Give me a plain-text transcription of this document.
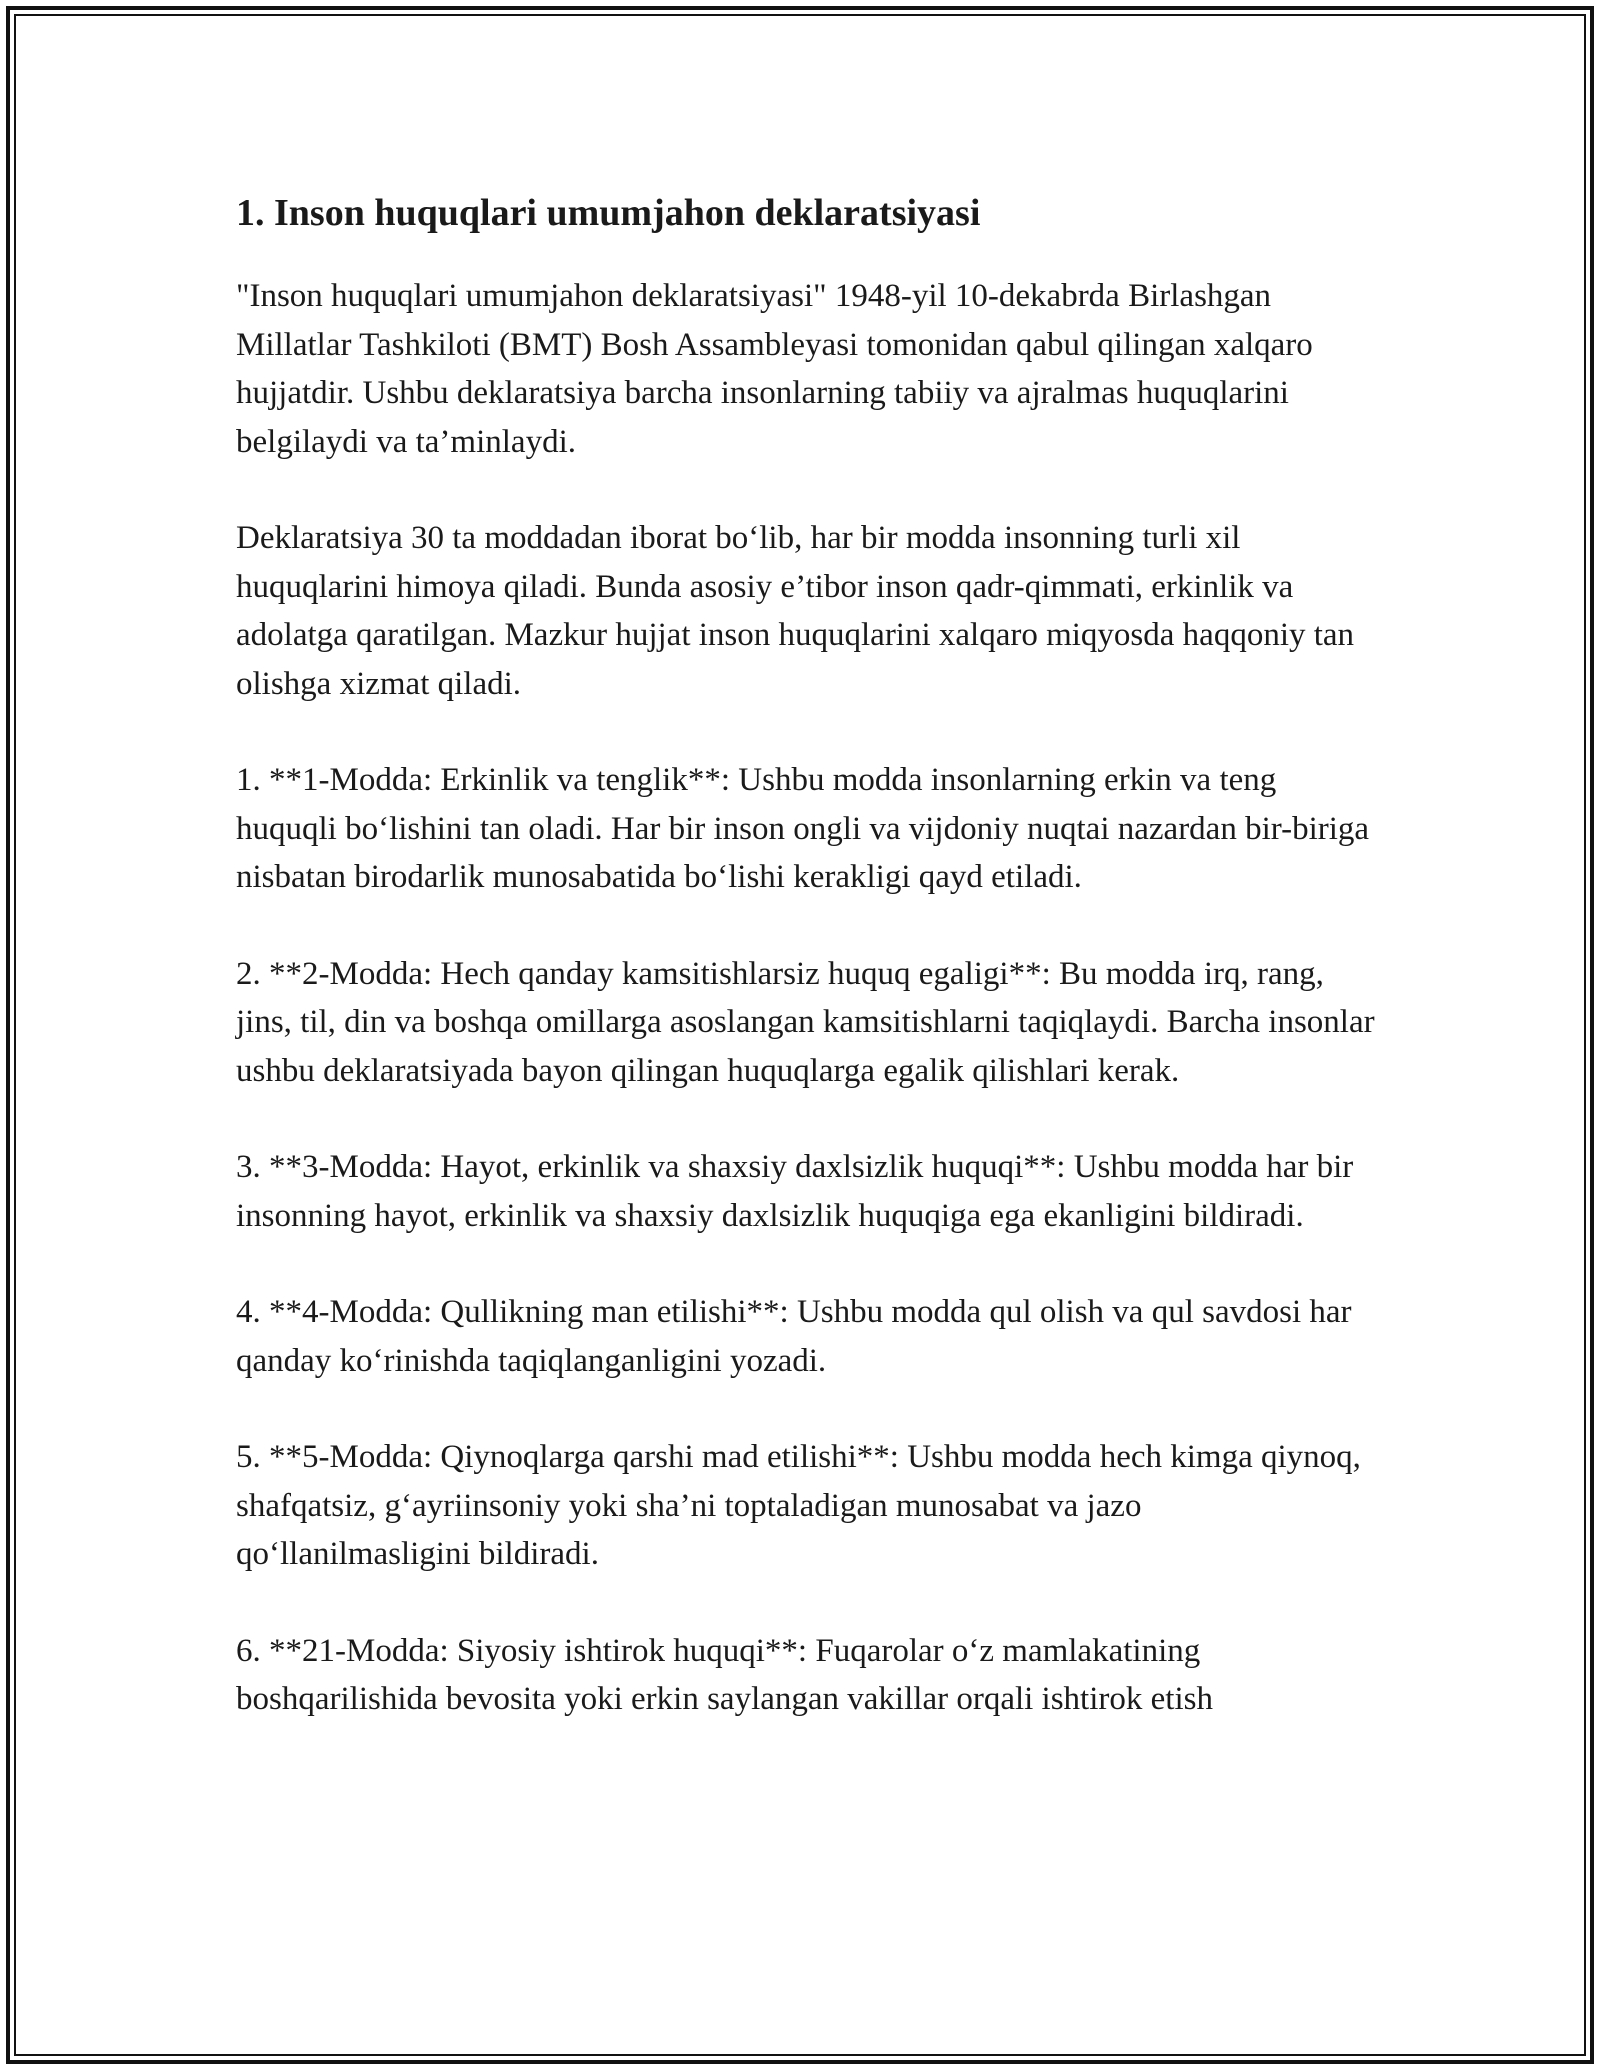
1. Inson huquqlari umumjahon deklaratsiyasi

"Inson huquqlari umumjahon deklaratsiyasi" 1948-yil 10-dekabrda Birlashgan Millatlar Tashkiloti (BMT) Bosh Assambleyasi tomonidan qabul qilingan xalqaro hujjatdir. Ushbu deklaratsiya barcha insonlarning tabiiy va ajralmas huquqlarini belgilaydi va ta’minlaydi.

Deklaratsiya 30 ta moddadan iborat bo‘lib, har bir modda insonning turli xil huquqlarini himoya qiladi. Bunda asosiy e’tibor inson qadr-qimmati, erkinlik va adolatga qaratilgan. Mazkur hujjat inson huquqlarini xalqaro miqyosda haqqoniy tan olishga xizmat qiladi.

1. **1-Modda: Erkinlik va tenglik**: Ushbu modda insonlarning erkin va teng huquqli bo‘lishini tan oladi. Har bir inson ongli va vijdoniy nuqtai nazardan bir-biriga nisbatan birodarlik munosabatida bo‘lishi kerakligi qayd etiladi.

2. **2-Modda: Hech qanday kamsitishlarsiz huquq egaligi**: Bu modda irq, rang, jins, til, din va boshqa omillarga asoslangan kamsitishlarni taqiqlaydi. Barcha insonlar ushbu deklaratsiyada bayon qilingan huquqlarga egalik qilishlari kerak.

3. **3-Modda: Hayot, erkinlik va shaxsiy daxlsizlik huquqi**: Ushbu modda har bir insonning hayot, erkinlik va shaxsiy daxlsizlik huquqiga ega ekanligini bildiradi.

4. **4-Modda: Qullikning man etilishi**: Ushbu modda qul olish va qul savdosi har qanday ko‘rinishda taqiqlanganligini yozadi.

5. **5-Modda: Qiynoqlarga qarshi mad etilishi**: Ushbu modda hech kimga qiynoq, shafqatsiz, g‘ayriinsoniy yoki sha’ni toptaladigan munosabat va jazo qo‘llanilmasligini bildiradi.

6. **21-Modda: Siyosiy ishtirok huquqi**: Fuqarolar o‘z mamlakatining boshqarilishida bevosita yoki erkin saylangan vakillar orqali ishtirok etish
